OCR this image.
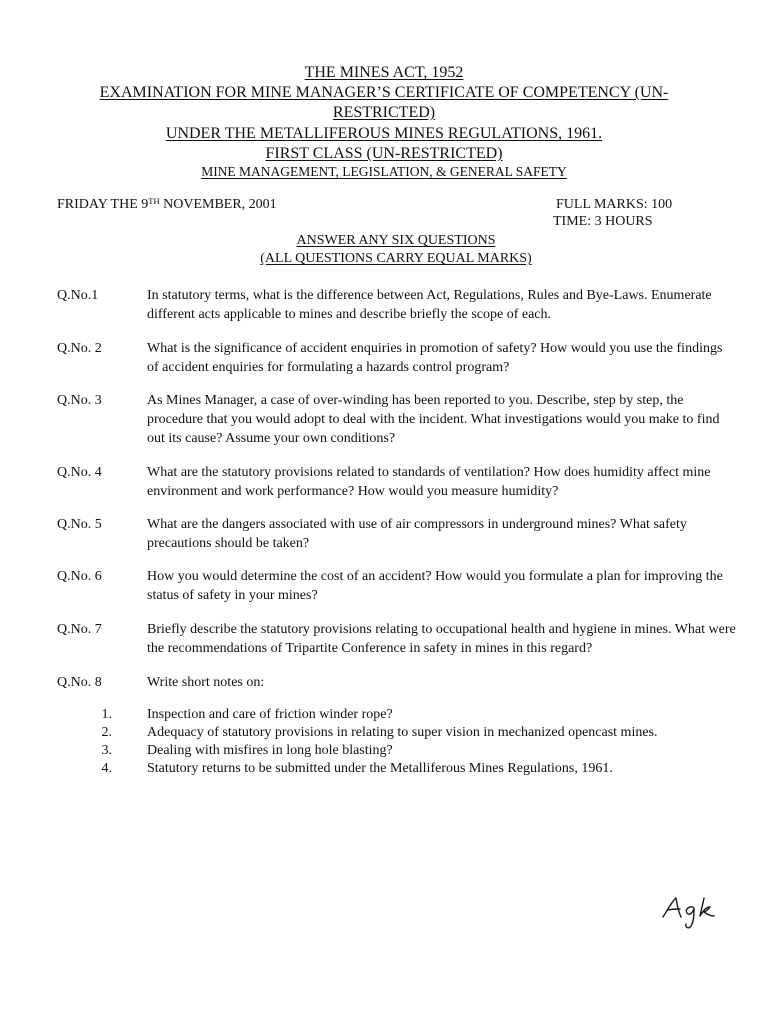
THE MINES ACT, 1952
EXAMINATION FOR MINE MANAGER’S CERTIFICATE OF COMPETENCY (UN-
RESTRICTED)
UNDER THE METALLIFEROUS MINES REGULATIONS, 1961.
FIRST CLASS (UN-RESTRICTED)
MINE MANAGEMENT, LEGISLATION, & GENERAL SAFETY
FRIDAY THE 9TH NOVEMBER, 2001	FULL MARKS: 100
TIME: 3 HOURS
ANSWER ANY SIX QUESTIONS
(ALL QUESTIONS CARRY EQUAL MARKS)
Q.No.1	In statutory terms, what is the difference between Act, Regulations, Rules and Bye-Laws. Enumerate different acts applicable to mines and describe briefly the scope of each.
Q.No. 2	What is the significance of accident enquiries in promotion of safety? How would you use the findings of accident enquiries for formulating a hazards control program?
Q.No. 3	As Mines Manager, a case of over-winding has been reported to you. Describe, step by step, the procedure that you would adopt to deal with the incident. What investigations would you make to find out its cause? Assume your own conditions?
Q.No. 4	What are the statutory provisions related to standards of ventilation? How does humidity affect mine environment and work performance? How would you measure humidity?
Q.No. 5	What are the dangers associated with use of air compressors in underground mines? What safety precautions should be taken?
Q.No. 6	How you would determine the cost of an accident? How would you formulate a plan for improving the status of safety in your mines?
Q.No. 7	Briefly describe the statutory provisions relating to occupational health and hygiene in mines. What were the recommendations of Tripartite Conference in safety in mines in this regard?
Q.No. 8	Write short notes on:
1.	Inspection and care of friction winder rope?
2.	Adequacy of statutory provisions in relating to super vision in mechanized opencast mines.
3.	Dealing with misfires in long hole blasting?
4.	Statutory returns to be submitted under the Metalliferous Mines Regulations, 1961.
